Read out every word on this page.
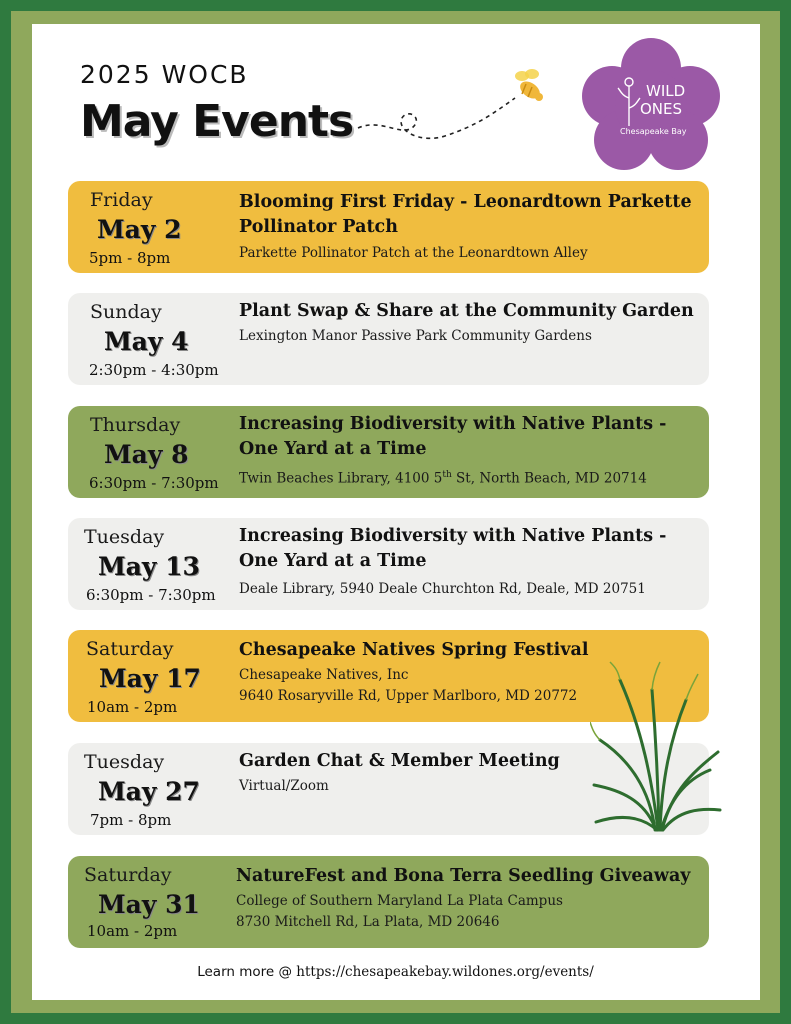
2025 WOCB
May Events
WILD
ONES
Chesapeake Bay
Friday
May 2
5pm - 8pm
Blooming First Friday - Leonardtown Parkette Pollinator Patch
Parkette Pollinator Patch at the Leonardtown Alley
Sunday
May 4
2:30pm - 4:30pm
Plant Swap & Share at the Community Garden
Lexington Manor Passive Park Community Gardens
Thursday
May 8
6:30pm - 7:30pm
Increasing Biodiversity with Native Plants - One Yard at a Time
Twin Beaches Library, 4100 5th St, North Beach, MD 20714
Tuesday
May 13
6:30pm - 7:30pm
Increasing Biodiversity with Native Plants - One Yard at a Time
Deale Library, 5940 Deale Churchton Rd, Deale, MD 20751
Saturday
May 17
10am - 2pm
Chesapeake Natives Spring Festival
Chesapeake Natives, Inc
9640 Rosaryville Rd, Upper Marlboro, MD 20772
Tuesday
May 27
7pm - 8pm
Garden Chat & Member Meeting
Virtual/Zoom
Saturday
May 31
10am - 2pm
NatureFest and Bona Terra Seedling Giveaway
College of Southern Maryland La Plata Campus
8730 Mitchell Rd, La Plata, MD 20646
Learn more @ https://chesapeakebay.wildones.org/events/
